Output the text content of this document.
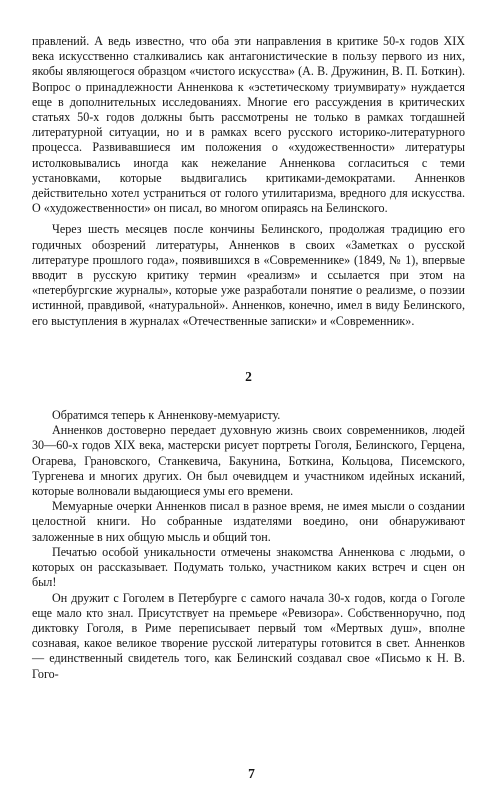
правлений. А ведь известно, что оба эти направления в критике 50-х годов XIX века искусственно сталкивались как антагонистические в пользу первого из них, якобы являющегося образцом «чистого искусства» (А. В. Дружинин, В. П. Боткин). Вопрос о принадлежности Анненкова к «эстетическому триумвирату» нуждается еще в дополнительных исследованиях. Многие его рассуждения в критических статьях 50-х годов должны быть рассмотрены не только в рамках тогдашней литературной ситуации, но и в рамках всего русского историко-литературного процесса. Развивавшиеся им положения о «художественности» литературы истолковывались иногда как нежелание Анненкова согласиться с теми установками, которые выдвигались критиками-демократами. Анненков действительно хотел устраниться от голого утилитаризма, вредного для искусства. О «художественности» он писал, во многом опираясь на Белинского.

Через шесть месяцев после кончины Белинского, продолжая традицию его годичных обозрений литературы, Анненков в своих «Заметках о русской литературе прошлого года», появившихся в «Современнике» (1849, № 1), впервые вводит в русскую критику термин «реализм» и ссылается при этом на «петербургские журналы», которые уже разработали понятие о реализме, о поэзии истинной, правдивой, «натуральной». Анненков, конечно, имел в виду Белинского, его выступления в журналах «Отечественные записки» и «Современник».

2

Обратимся теперь к Анненкову-мемуаристу.

Анненков достоверно передает духовную жизнь своих современников, людей 30—60-х годов XIX века, мастерски рисует портреты Гоголя, Белинского, Герцена, Огарева, Грановского, Станкевича, Бакунина, Боткина, Кольцова, Писемского, Тургенева и многих других. Он был очевидцем и участником идейных исканий, которые волновали выдающиеся умы его времени.

Мемуарные очерки Анненков писал в разное время, не имея мысли о создании целостной книги. Но собранные издателями воедино, они обнаруживают заложенные в них общую мысль и общий тон.

Печатью особой уникальности отмечены знакомства Анненкова с людьми, о которых он рассказывает. Подумать только, участником каких встреч и сцен он был!

Он дружит с Гоголем в Петербурге с самого начала 30-х годов, когда о Гоголе еще мало кто знал. Присутствует на премьере «Ревизора». Собственноручно, под диктовку Гоголя, в Риме переписывает первый том «Мертвых душ», вполне сознавая, какое великое творение русской литературы готовится в свет. Анненков — единственный свидетель того, как Белинский создавал свое «Письмо к Н. В. Гого-

7
